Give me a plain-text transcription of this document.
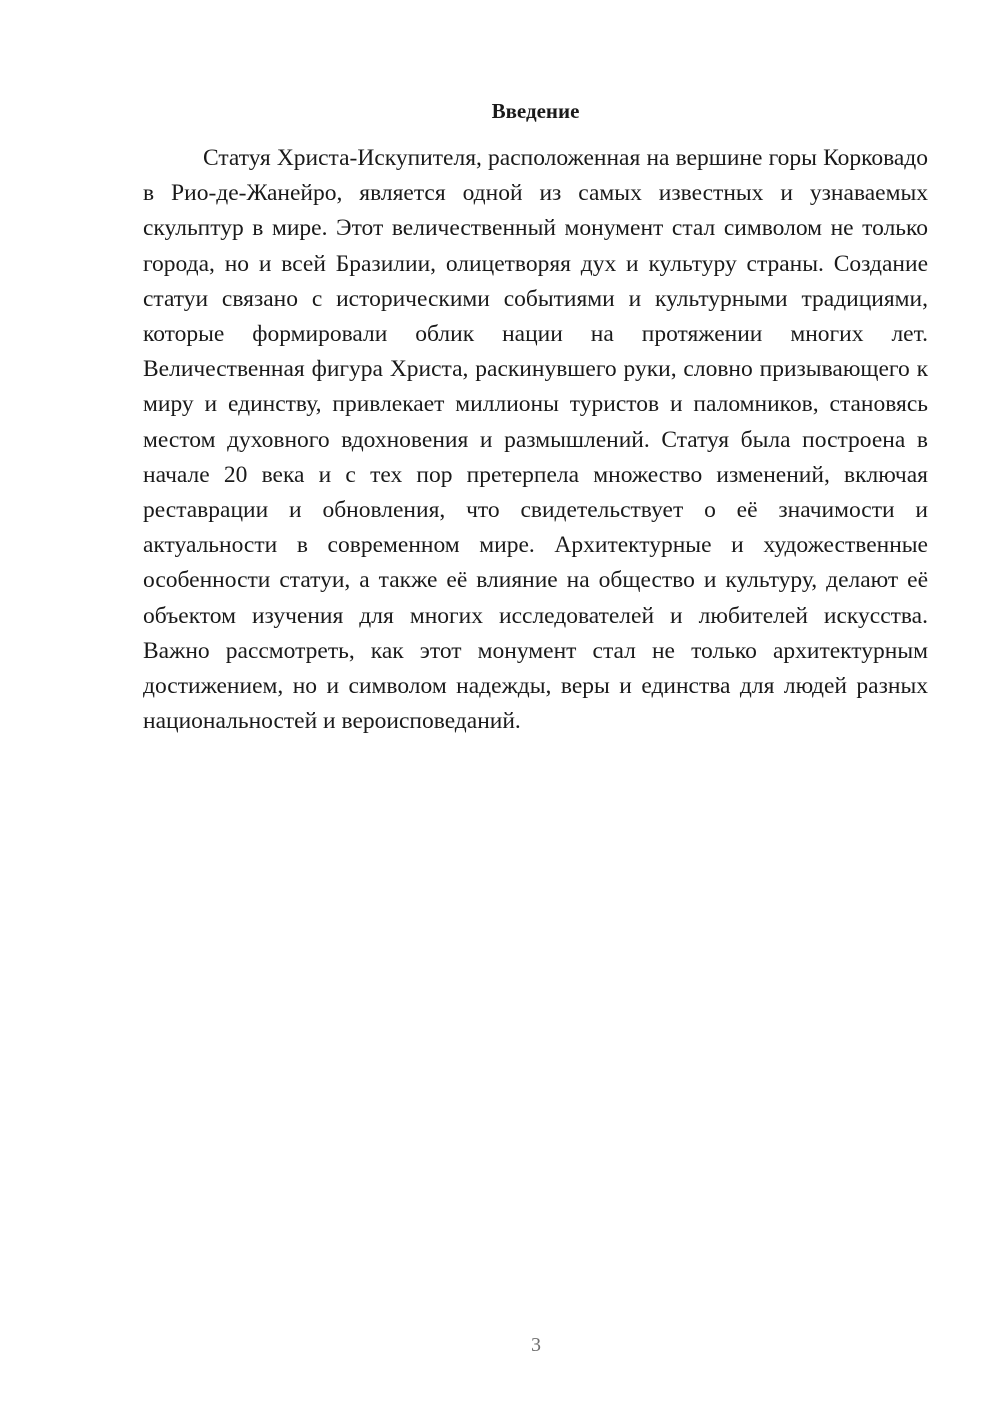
Введение

Статуя Христа-Искупителя, расположенная на вершине горы Корковадо в Рио-де-Жанейро, является одной из самых известных и узнаваемых скульптур в мире. Этот величественный монумент стал символом не только города, но и всей Бразилии, олицетворяя дух и культуру страны. Создание статуи связано с историческими событиями и культурными традициями, которые формировали облик нации на протяжении многих лет. Величественная фигура Христа, раскинувшего руки, словно призывающего к миру и единству, привлекает миллионы туристов и паломников, становясь местом духовного вдохновения и размышлений. Статуя была построена в начале 20 века и с тех пор претерпела множество изменений, включая реставрации и обновления, что свидетельствует о её значимости и актуальности в современном мире. Архитектурные и художественные особенности статуи, а также её влияние на общество и культуру, делают её объектом изучения для многих исследователей и любителей искусства. Важно рассмотреть, как этот монумент стал не только архитектурным достижением, но и символом надежды, веры и единства для людей разных национальностей и вероисповеданий.

3
